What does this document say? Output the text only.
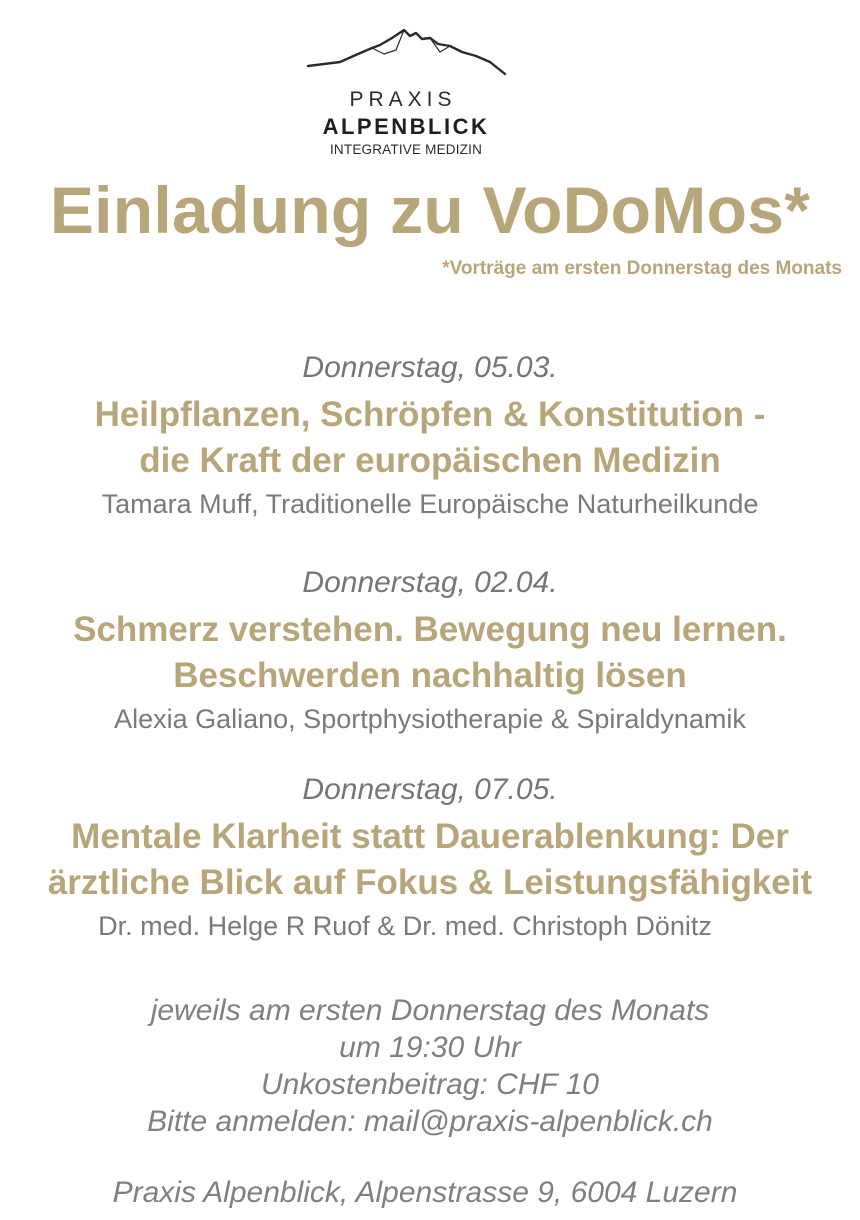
PRAXIS
ALPENBLICK
INTEGRATIVE MEDIZIN
Einladung zu VoDoMos*
*Vorträge am ersten Donnerstag des Monats
Donnerstag, 05.03.
Heilpflanzen, Schröpfen & Konstitution -
die Kraft der europäischen Medizin
Tamara Muff, Traditionelle Europäische Naturheilkunde
Donnerstag, 02.04.
Schmerz verstehen. Bewegung neu lernen.
Beschwerden nachhaltig lösen
Alexia Galiano, Sportphysiotherapie & Spiraldynamik
Donnerstag, 07.05.
Mentale Klarheit statt Dauerablenkung: Der
ärztliche Blick auf Fokus & Leistungsfähigkeit
Dr. med. Helge R Ruof & Dr. med. Christoph Dönitz
jeweils am ersten Donnerstag des Monats
um 19:30 Uhr
Unkostenbeitrag: CHF 10
Bitte anmelden: mail@praxis-alpenblick.ch
Praxis Alpenblick, Alpenstrasse 9, 6004 Luzern
